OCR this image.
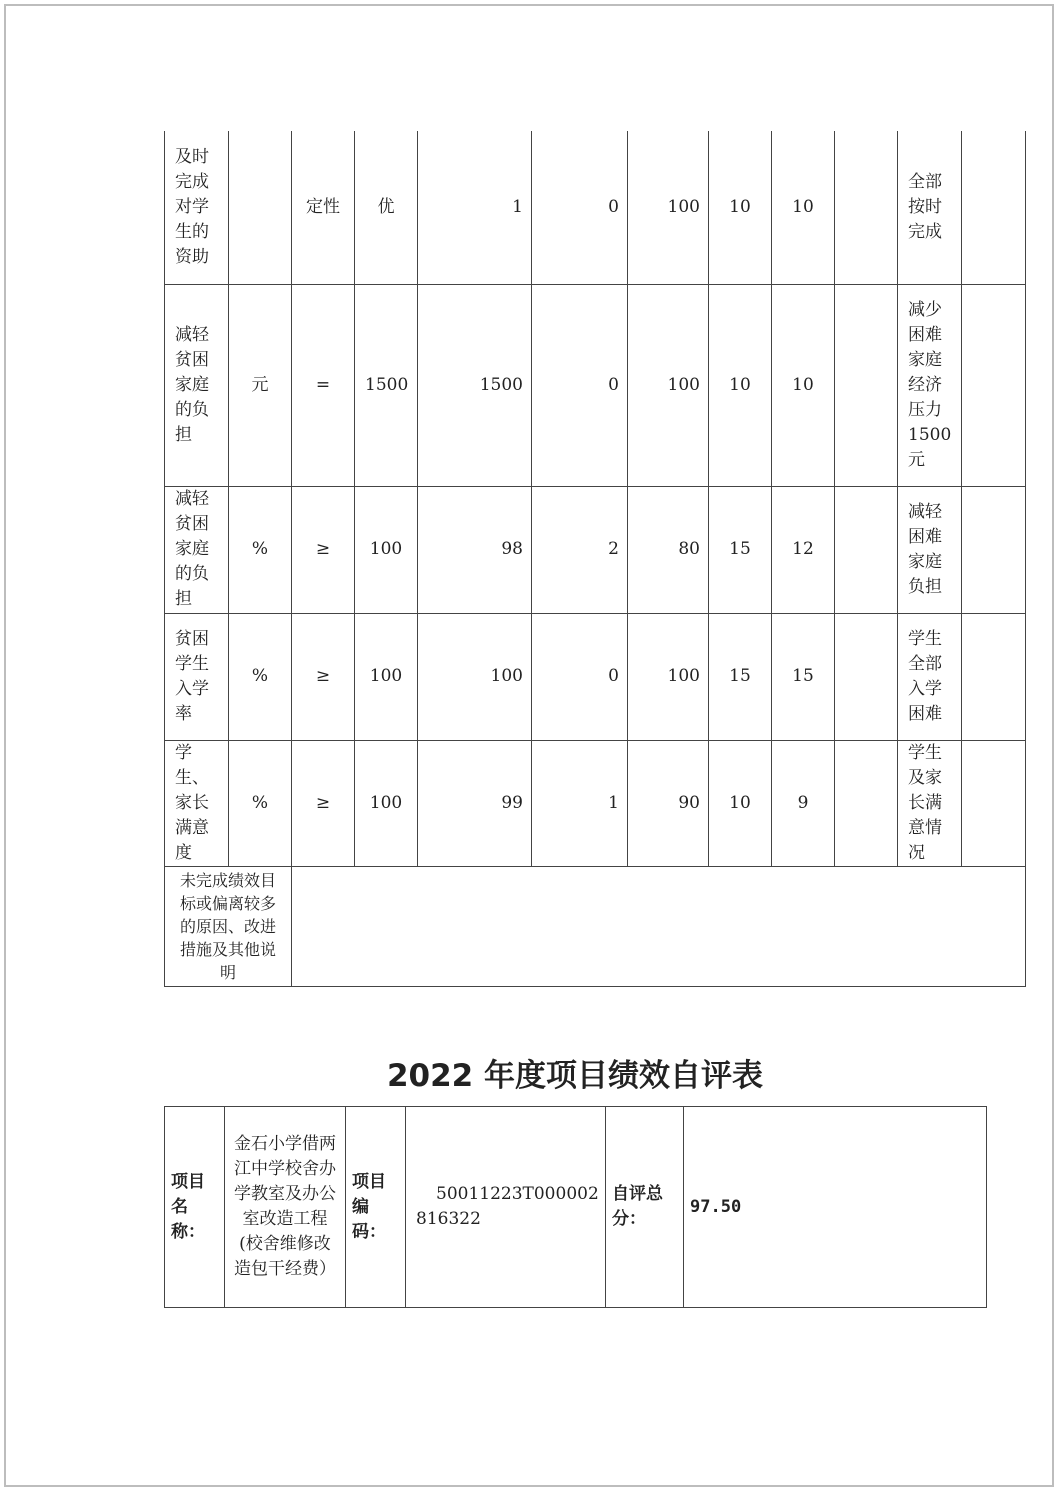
及时完成对学生的资助		定性	优	1	0	100	10	10		全部按时完成	
减轻贫困家庭的负担	元	=	1500	1500	0	100	10	10		减少困难家庭经济压力1500元	
减轻贫困家庭的负担	%	≥	100	98	2	80	15	12		减轻困难家庭负担	
贫困学生入学率	%	≥	100	100	0	100	15	15		学生全部入学困难	
学生、家长满意度	%	≥	100	99	1	90	10	9		学生及家长满意情况	
未完成绩效目标或偏离较多的原因、改进措施及其他说明											
2022 年度项目绩效自评表
项目名称：	金石小学借两江中学校舍办学教室及办公室改造工程(校舍维修改造包干经费）	项目编码：	50011223T000002816322	自评总分：	97.50
